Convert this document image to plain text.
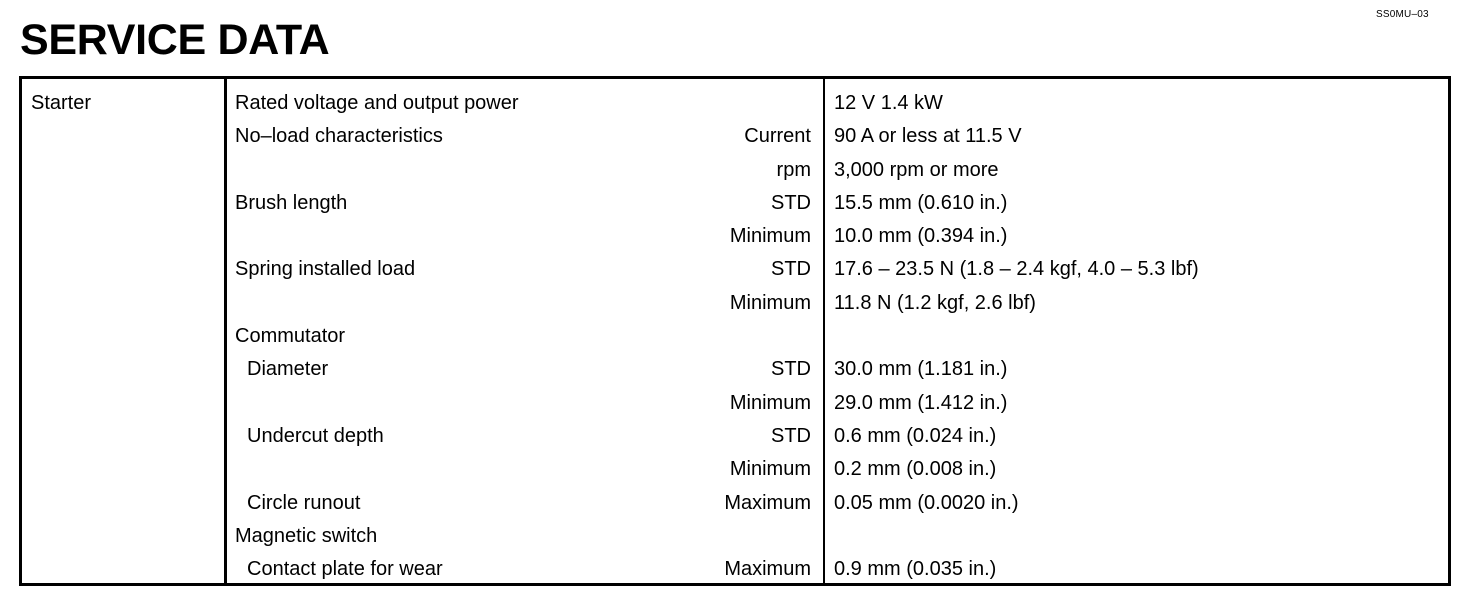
SS0MU–03
SERVICE DATA
Starter	Rated voltage and output power	12 V 1.4 kW
No–load characteristics	Current 90 A or less at 11.5 V
rpm 3,000 rpm or more
Brush length	STD 15.5 mm (0.610 in.)
Minimum 10.0 mm (0.394 in.)
Spring installed load	STD 17.6 – 23.5 N (1.8 – 2.4 kgf, 4.0 – 5.3 lbf)
Minimum 11.8 N (1.2 kgf, 2.6 lbf)
Commutator
Diameter	STD 30.0 mm (1.181 in.)
Minimum 29.0 mm (1.412 in.)
Undercut depth	STD 0.6 mm (0.024 in.)
Minimum 0.2 mm (0.008 in.)
Circle runout	Maximum 0.05 mm (0.0020 in.)
Magnetic switch
Contact plate for wear	Maximum 0.9 mm (0.035 in.)
